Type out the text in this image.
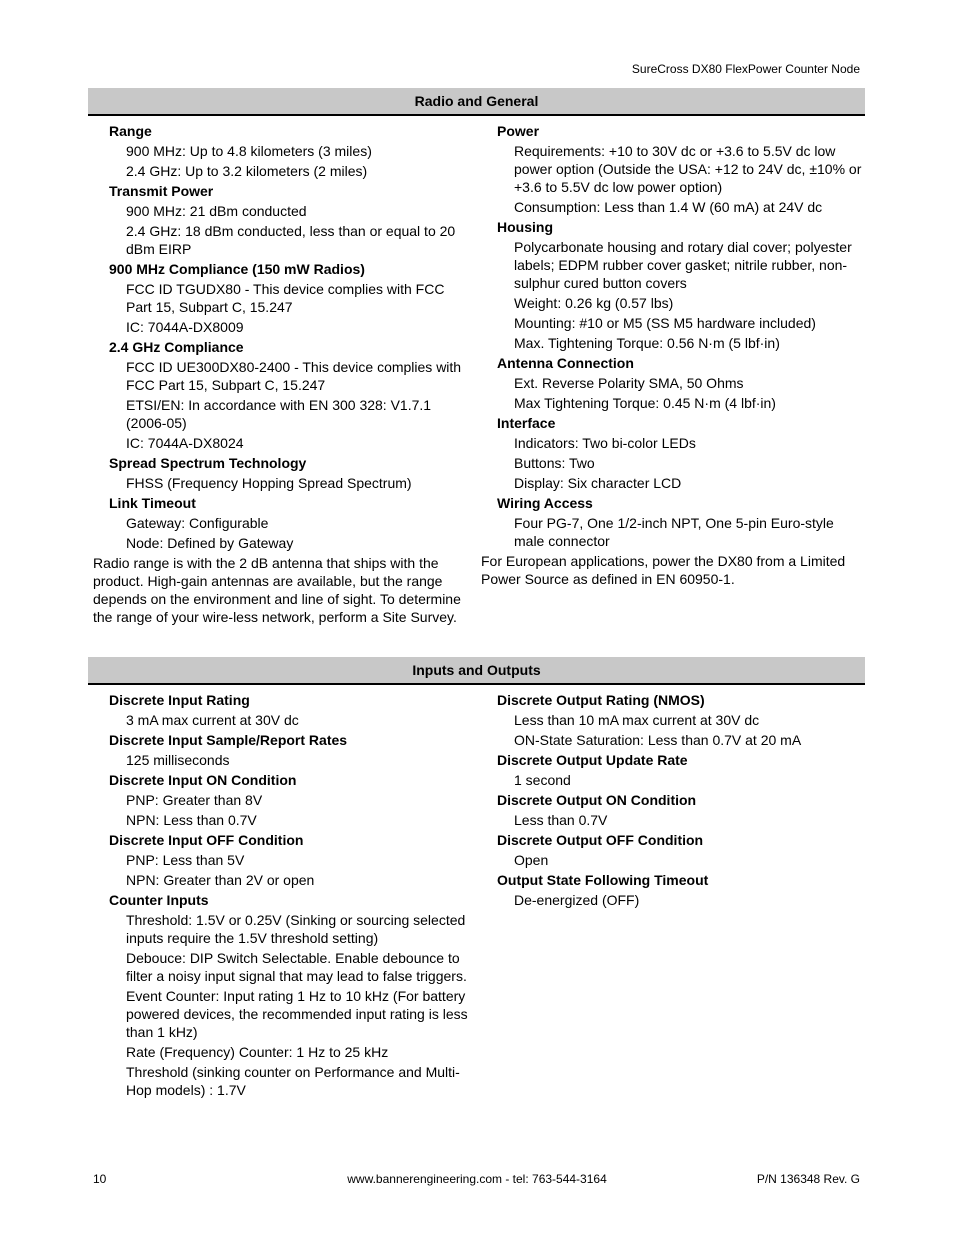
SureCross DX80 FlexPower Counter Node
Radio and General
Range
900 MHz: Up to 4.8 kilometers (3 miles)
2.4 GHz: Up to 3.2 kilometers (2 miles)
Transmit Power
900 MHz: 21 dBm conducted
2.4 GHz: 18 dBm conducted, less than or equal to 20 dBm EIRP
900 MHz Compliance (150 mW Radios)
FCC ID TGUDX80 - This device complies with FCC Part 15, Subpart C, 15.247
IC: 7044A-DX8009
2.4 GHz Compliance
FCC ID UE300DX80-2400 - This device complies with FCC Part 15, Subpart C, 15.247
ETSI/EN: In accordance with EN 300 328: V1.7.1 (2006-05)
IC: 7044A-DX8024
Spread Spectrum Technology
FHSS (Frequency Hopping Spread Spectrum)
Link Timeout
Gateway: Configurable
Node: Defined by Gateway
Radio range is with the 2 dB antenna that ships with the product. High-gain antennas are available, but the range depends on the environment and line of sight. To determine the range of your wire-less network, perform a Site Survey.
Power
Requirements: +10 to 30V dc or +3.6 to 5.5V dc low power option (Outside the USA: +12 to 24V dc, ±10% or +3.6 to 5.5V dc low power option)
Consumption: Less than 1.4 W (60 mA) at 24V dc
Housing
Polycarbonate housing and rotary dial cover; polyester labels; EDPM rubber cover gasket; nitrile rubber, non-sulphur cured button covers
Weight: 0.26 kg (0.57 lbs)
Mounting: #10 or M5 (SS M5 hardware included)
Max. Tightening Torque: 0.56 N·m (5 lbf·in)
Antenna Connection
Ext. Reverse Polarity SMA, 50 Ohms
Max Tightening Torque: 0.45 N·m (4 lbf·in)
Interface
Indicators: Two bi-color LEDs
Buttons: Two
Display: Six character LCD
Wiring Access
Four PG-7, One 1/2-inch NPT, One 5-pin Euro-style male connector
For European applications, power the DX80 from a Limited Power Source as defined in EN 60950-1.
Inputs and Outputs
Discrete Input Rating
3 mA max current at 30V dc
Discrete Input Sample/Report Rates
125 milliseconds
Discrete Input ON Condition
PNP: Greater than 8V
NPN: Less than 0.7V
Discrete Input OFF Condition
PNP: Less than 5V
NPN: Greater than 2V or open
Counter Inputs
Threshold: 1.5V or 0.25V (Sinking or sourcing selected inputs require the 1.5V threshold setting)
Debouce: DIP Switch Selectable. Enable debounce to filter a noisy input signal that may lead to false triggers.
Event Counter: Input rating 1 Hz to 10 kHz (For battery powered devices, the recommended input rating is less than 1 kHz)
Rate (Frequency) Counter: 1 Hz to 25 kHz
Threshold (sinking counter on Performance and Multi-Hop models) : 1.7V
Discrete Output Rating (NMOS)
Less than 10 mA max current at 30V dc
ON-State Saturation: Less than 0.7V at 20 mA
Discrete Output Update Rate
1 second
Discrete Output ON Condition
Less than 0.7V
Discrete Output OFF Condition
Open
Output State Following Timeout
De-energized (OFF)
10	www.bannerengineering.com - tel: 763-544-3164	P/N 136348 Rev. G
